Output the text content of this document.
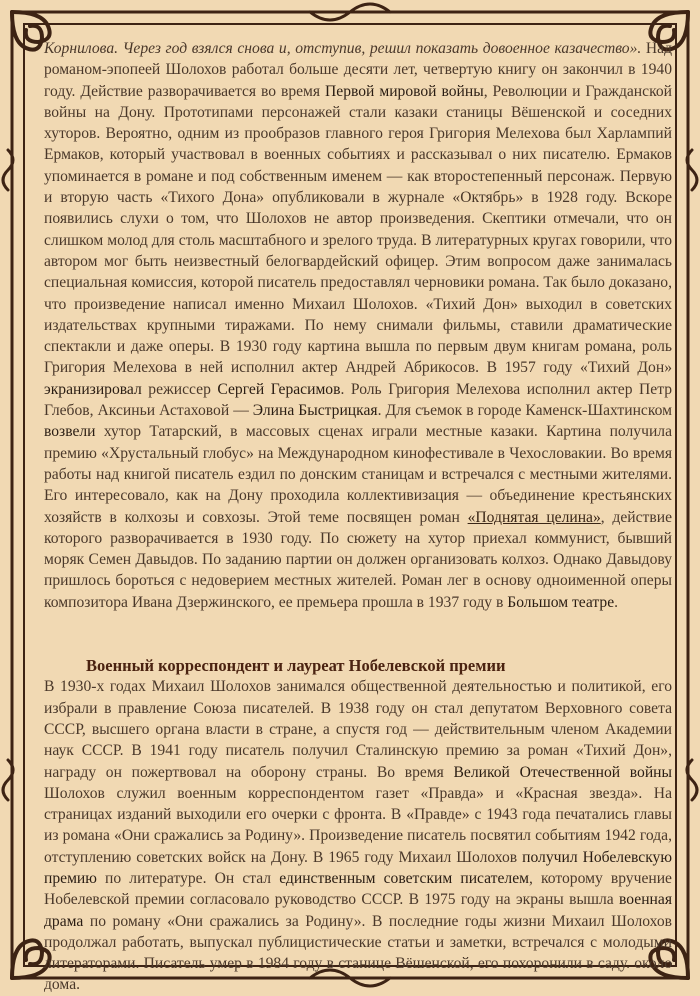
Корнилова. Через год взялся снова и, отступив, решил показать довоенное казачество». Над романом-эпопеей Шолохов работал больше десяти лет, четвертую книгу он закончил в 1940 году. Действие разворачивается во время Первой мировой войны, Революции и Гражданской войны на Дону. Прототипами персонажей стали казаки станицы Вёшенской и соседних хуторов. Вероятно, одним из прообразов главного героя Григория Мелехова был Харлампий Ермаков, который участвовал в военных событиях и рассказывал о них писателю. Ермаков упоминается в романе и под собственным именем — как второстепенный персонаж. Первую и вторую часть «Тихого Дона» опубликовали в журнале «Октябрь» в 1928 году. Вскоре появились слухи о том, что Шолохов не автор произведения. Скептики отмечали, что он слишком молод для столь масштабного и зрелого труда. В литературных кругах говорили, что автором мог быть неизвестный белогвардейский офицер. Этим вопросом даже занималась специальная комиссия, которой писатель предоставлял черновики романа. Так было доказано, что произведение написал именно Михаил Шолохов. «Тихий Дон» выходил в советских издательствах крупными тиражами. По нему снимали фильмы, ставили драматические спектакли и даже оперы. В 1930 году картина вышла по первым двум книгам романа, роль Григория Мелехова в ней исполнил актер Андрей Абрикосов. В 1957 году «Тихий Дон» экранизировал режиссер Сергей Герасимов. Роль Григория Мелехова исполнил актер Петр Глебов, Аксиньи Астаховой — Элина Быстрицкая. Для съемок в городе Каменск-Шахтинском возвели хутор Татарский, в массовых сценах играли местные казаки. Картина получила премию «Хрустальный глобус» на Международном кинофестивале в Чехословакии. Во время работы над книгой писатель ездил по донским станицам и встречался с местными жителями. Его интересовало, как на Дону проходила коллективизация — объединение крестьянских хозяйств в колхозы и совхозы. Этой теме посвящен роман «Поднятая целина», действие которого разворачивается в 1930 году. По сюжету на хутор приехал коммунист, бывший моряк Семен Давыдов. По заданию партии он должен организовать колхоз. Однако Давыдову пришлось бороться с недоверием местных жителей. Роман лег в основу одноименной оперы композитора Ивана Дзержинского, ее премьера прошла в 1937 году в Большом театре.

Военный корреспондент и лауреат Нобелевской премии

В 1930-х годах Михаил Шолохов занимался общественной деятельностью и политикой, его избрали в правление Союза писателей. В 1938 году он стал депутатом Верховного совета СССР, высшего органа власти в стране, а спустя год — действительным членом Академии наук СССР. В 1941 году писатель получил Сталинскую премию за роман «Тихий Дон», награду он пожертвовал на оборону страны. Во время Великой Отечественной войны Шолохов служил военным корреспондентом газет «Правда» и «Красная звезда». На страницах изданий выходили его очерки с фронта. В «Правде» с 1943 года печатались главы из романа «Они сражались за Родину». Произведение писатель посвятил событиям 1942 года, отступлению советских войск на Дону. В 1965 году Михаил Шолохов получил Нобелевскую премию по литературе. Он стал единственным советским писателем, которому вручение Нобелевской премии согласовало руководство СССР. В 1975 году на экраны вышла военная драма по роману «Они сражались за Родину». В последние годы жизни Михаил Шолохов продолжал работать, выпускал публицистические статьи и заметки, встречался с молодыми литераторами. Писатель умер в 1984 году в станице Вёшенской, его похоронили в саду. около дома.
